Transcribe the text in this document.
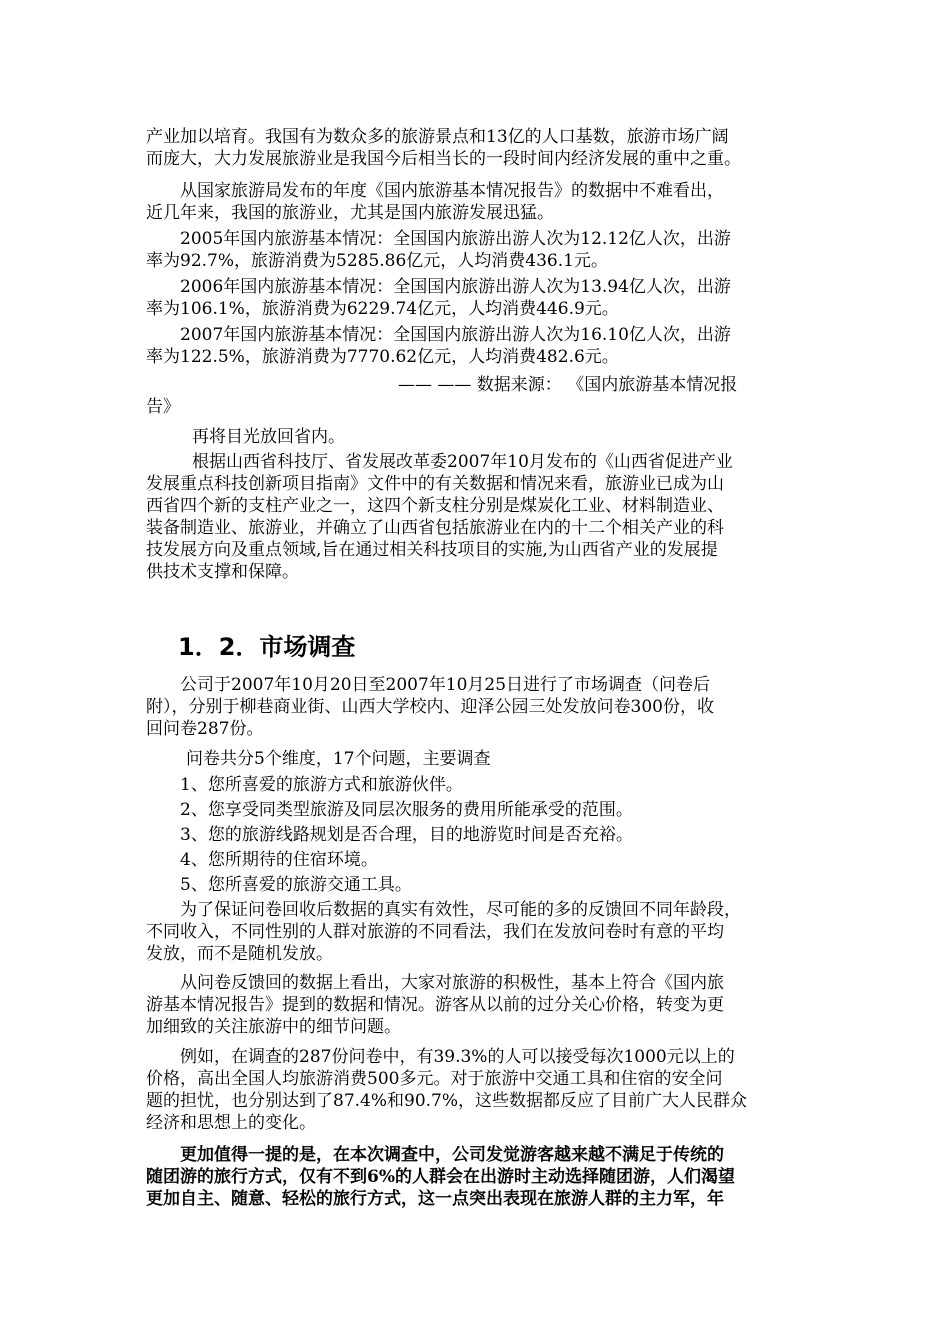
产业加以培育。我国有为数众多的旅游景点和13亿的人口基数，旅游市场广阔
而庞大，大力发展旅游业是我国今后相当长的一段时间内经济发展的重中之重。

从国家旅游局发布的年度《国内旅游基本情况报告》的数据中不难看出，
近几年来，我国的旅游业，尤其是国内旅游发展迅猛。

2005年国内旅游基本情况：全国国内旅游出游人次为12.12亿人次，出游
率为92.7%，旅游消费为5285.86亿元，人均消费436.1元。

2006年国内旅游基本情况：全国国内旅游出游人次为13.94亿人次，出游
率为106.1%，旅游消费为6229.74亿元，人均消费446.9元。

2007年国内旅游基本情况：全国国内旅游出游人次为16.10亿人次，出游
率为122.5%，旅游消费为7770.62亿元，人均消费482.6元。

—— —— 数据来源： 《国内旅游基本情况报
告》

再将目光放回省内。

根据山西省科技厅、省发展改革委2007年10月发布的《山西省促进产业
发展重点科技创新项目指南》文件中的有关数据和情况来看，旅游业已成为山
西省四个新的支柱产业之一，这四个新支柱分别是煤炭化工业、材料制造业、
装备制造业、旅游业，并确立了山西省包括旅游业在内的十二个相关产业的科
技发展方向及重点领域,旨在通过相关科技项目的实施,为山西省产业的发展提
供技术支撑和保障。

1．2．市场调查

公司于2007年10月20日至2007年10月25日进行了市场调查（问卷后
附），分别于柳巷商业街、山西大学校内、迎泽公园三处发放问卷300份，收
回问卷287份。

问卷共分5个维度，17个问题，主要调查

1、您所喜爱的旅游方式和旅游伙伴。

2、您享受同类型旅游及同层次服务的费用所能承受的范围。

3、您的旅游线路规划是否合理，目的地游览时间是否充裕。

4、您所期待的住宿环境。

5、您所喜爱的旅游交通工具。

为了保证问卷回收后数据的真实有效性，尽可能的多的反馈回不同年龄段，
不同收入，不同性别的人群对旅游的不同看法，我们在发放问卷时有意的平均
发放，而不是随机发放。

从问卷反馈回的数据上看出，大家对旅游的积极性，基本上符合《国内旅
游基本情况报告》提到的数据和情况。游客从以前的过分关心价格，转变为更
加细致的关注旅游中的细节问题。

例如，在调查的287份问卷中，有39.3%的人可以接受每次1000元以上的
价格，高出全国人均旅游消费500多元。对于旅游中交通工具和住宿的安全问
题的担忧，也分别达到了87.4%和90.7%，这些数据都反应了目前广大人民群众
经济和思想上的变化。

更加值得一提的是，在本次调查中，公司发觉游客越来越不满足于传统的
随团游的旅行方式，仅有不到6%的人群会在出游时主动选择随团游，人们渴望
更加自主、随意、轻松的旅行方式，这一点突出表现在旅游人群的主力军，年
